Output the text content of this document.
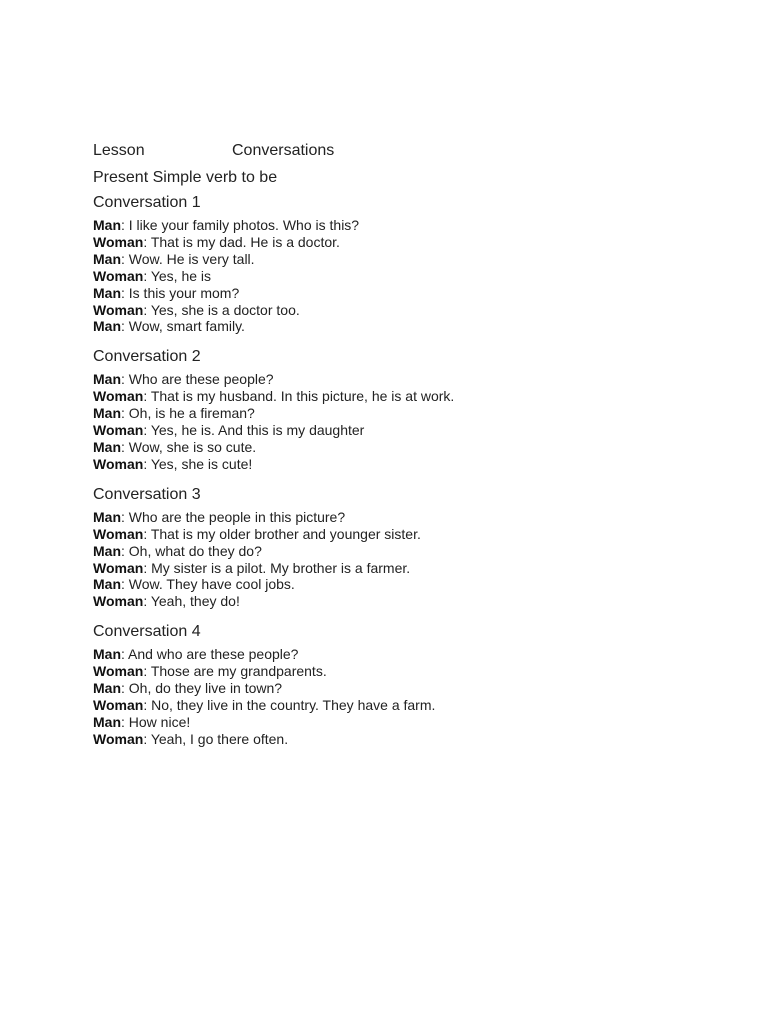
Lesson	Conversations
Present Simple verb to be
Conversation 1
Man: I like your family photos. Who is this?
Woman: That is my dad. He is a doctor.
Man: Wow. He is very tall.
Woman: Yes, he is
Man: Is this your mom?
Woman: Yes, she is a doctor too.
Man: Wow, smart family.
Conversation 2
Man: Who are these people?
Woman: That is my husband. In this picture, he is at work.
Man: Oh, is he a fireman?
Woman: Yes, he is. And this is my daughter
Man: Wow, she is so cute.
Woman: Yes, she is cute!
Conversation 3
Man: Who are the people in this picture?
Woman: That is my older brother and younger sister.
Man: Oh, what do they do?
Woman: My sister is a pilot. My brother is a farmer.
Man: Wow. They have cool jobs.
Woman: Yeah, they do!
Conversation 4
Man: And who are these people?
Woman: Those are my grandparents.
Man: Oh, do they live in town?
Woman: No, they live in the country. They have a farm.
Man: How nice!
Woman: Yeah, I go there often.
